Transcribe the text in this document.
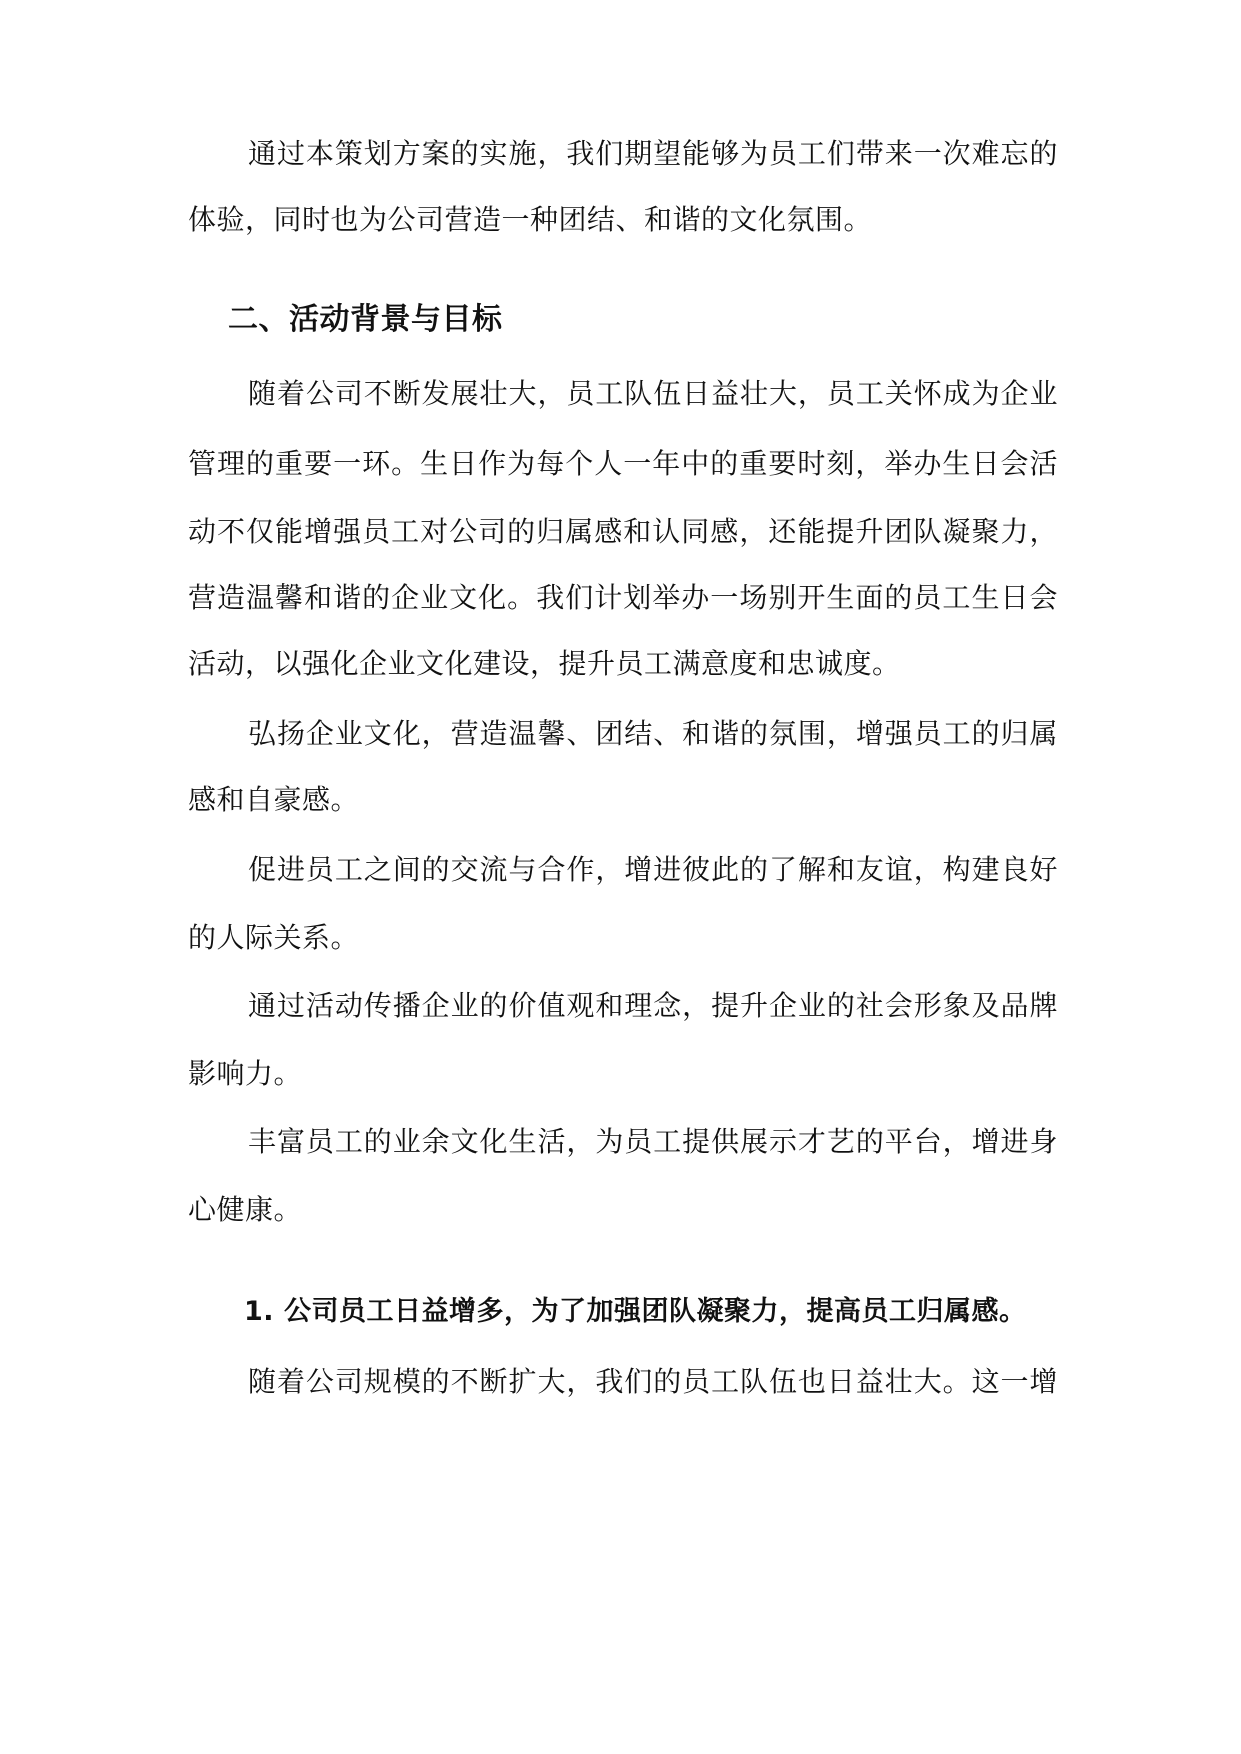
通过本策划方案的实施，我们期望能够为员工们带来一次难忘的
体验，同时也为公司营造一种团结、和谐的文化氛围。
二、活动背景与目标
随着公司不断发展壮大，员工队伍日益壮大，员工关怀成为企业
管理的重要一环。生日作为每个人一年中的重要时刻，举办生日会活
动不仅能增强员工对公司的归属感和认同感，还能提升团队凝聚力，
营造温馨和谐的企业文化。我们计划举办一场别开生面的员工生日会
活动，以强化企业文化建设，提升员工满意度和忠诚度。
弘扬企业文化，营造温馨、团结、和谐的氛围，增强员工的归属
感和自豪感。
促进员工之间的交流与合作，增进彼此的了解和友谊，构建良好
的人际关系。
通过活动传播企业的价值观和理念，提升企业的社会形象及品牌
影响力。
丰富员工的业余文化生活，为员工提供展示才艺的平台，增进身
心健康。
1. 公司员工日益增多，为了加强团队凝聚力，提高员工归属感。
随着公司规模的不断扩大，我们的员工队伍也日益壮大。这一增
